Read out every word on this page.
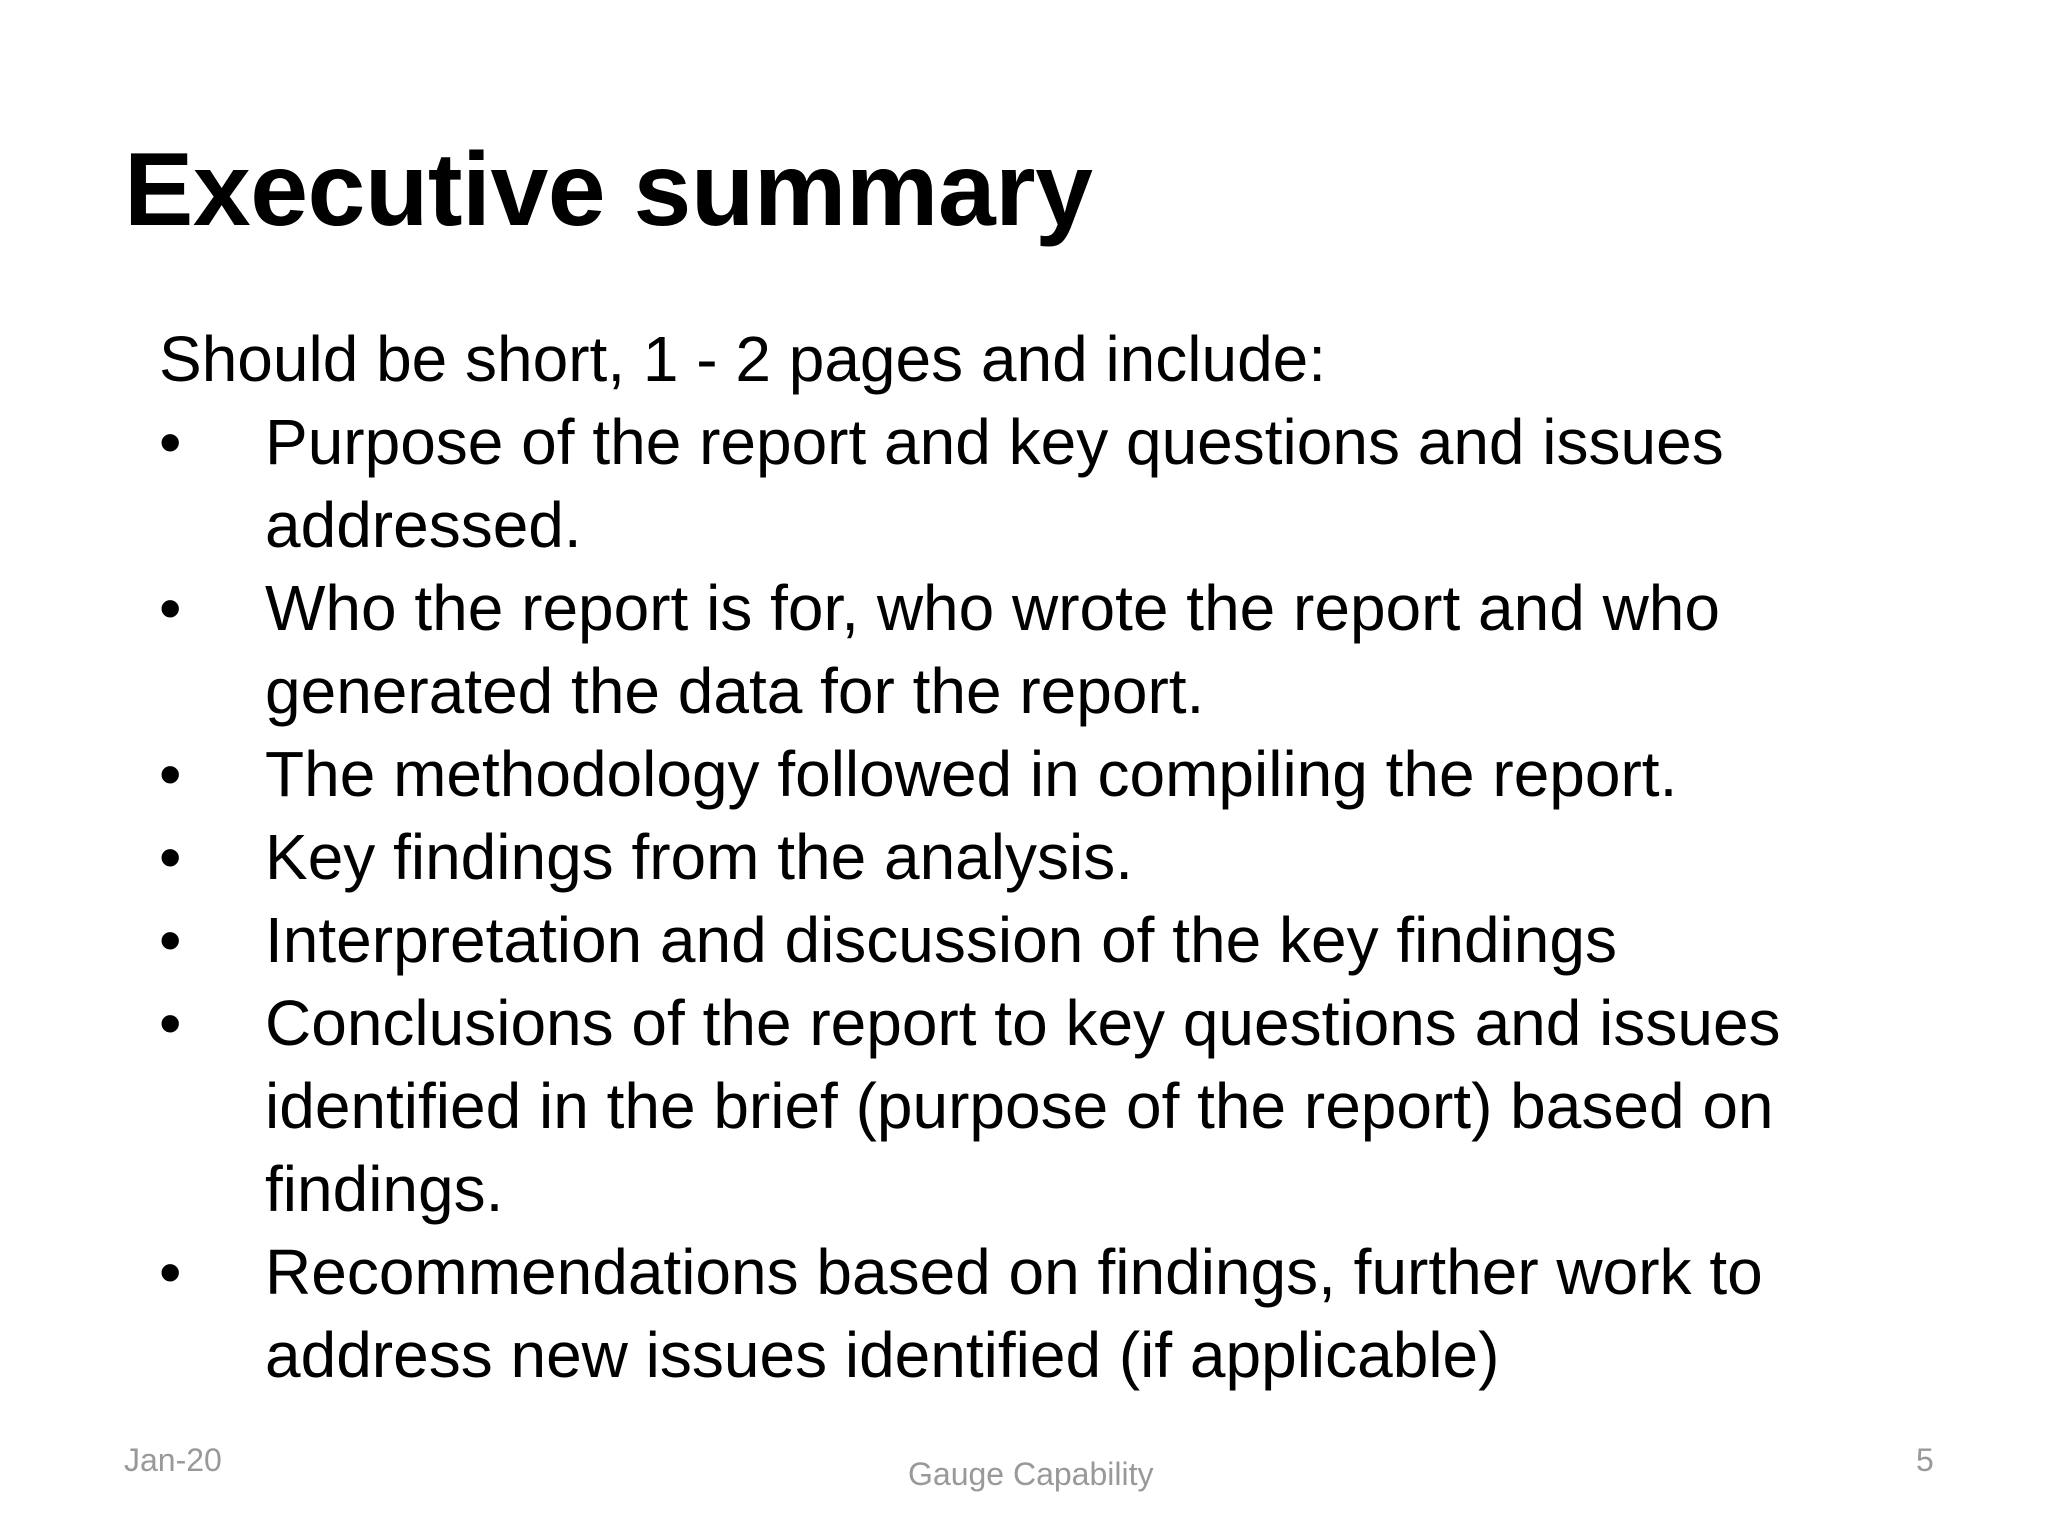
Executive summary

Should be short, 1 - 2 pages and include:

• Purpose of the report and key questions and issues
addressed.
• Who the report is for, who wrote the report and who
generated the data for the report.
• The methodology followed in compiling the report.
• Key findings from the analysis.
• Interpretation and discussion of the key findings
• Conclusions of the report to key questions and issues
identified in the brief (purpose of the report) based on
findings.
• Recommendations based on findings, further work to
address new issues identified (if applicable)
Jan-20	Gauge Capability	5
